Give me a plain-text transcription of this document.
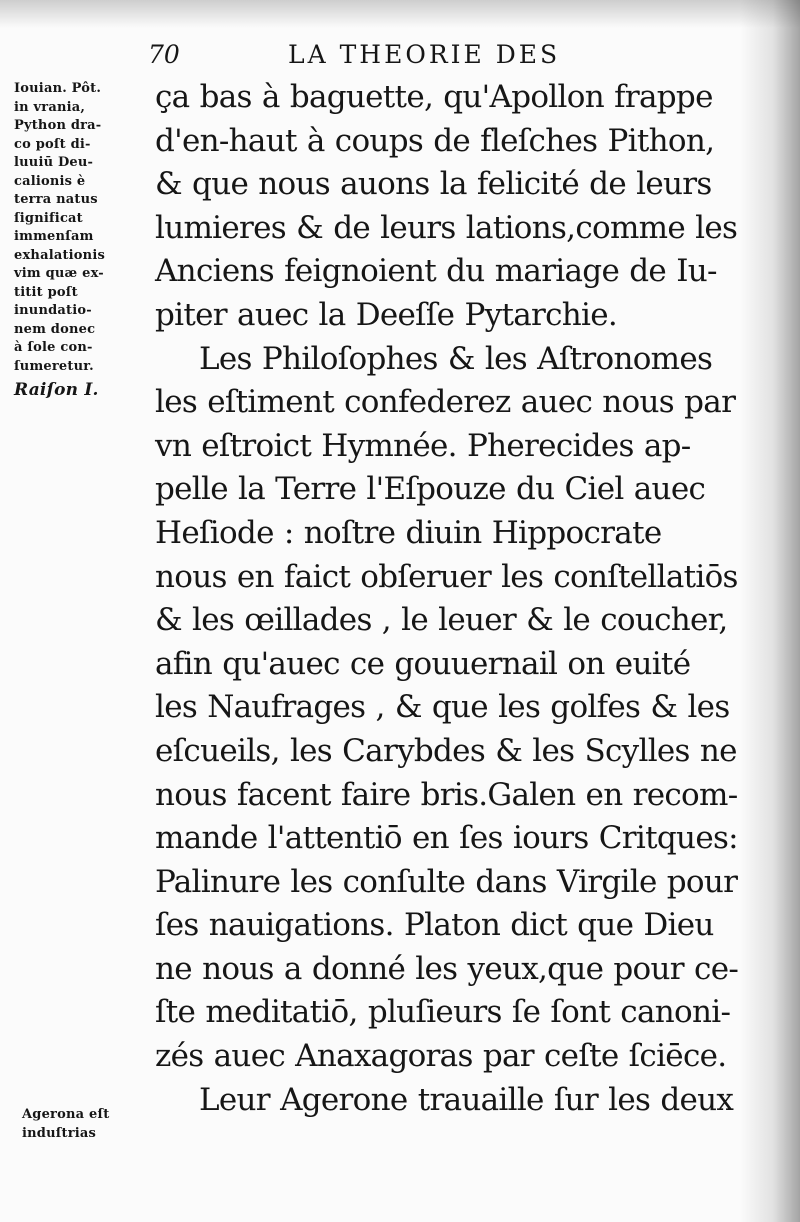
70	LA THEORIE DES
Iouian. Pôt.
in vrania,
Python dra-
co poſt di-
luuiū Deu-
calionis è
terra natus
ſignificat
immenſam
exhalationis
vim quæ ex-
titit poſt
inundatio-
nem donec
à ſole con-
ſumeretur.
Raiſon I.
Agerona eſt
induſtrias
ça bas à baguette, qu'Apollon frappe
d'en-haut à coups de fleſches Pithon,
& que nous auons la felicité de leurs
lumieres & de leurs lations,comme les
Anciens feignoient du mariage de Iu-
piter auec la Deeſſe Pytarchie.
Les Philoſophes & les Aſtronomes
les eſtiment confederez auec nous par
vn eſtroict Hymnée. Pherecides ap-
pelle la Terre l'Eſpouze du Ciel auec
Heſiode : noſtre diuin Hippocrate
nous en faict obſeruer les conſtellatiōs
& les œillades , le leuer & le coucher,
afin qu'auec ce gouuernail on euité
les Naufrages , & que les golfes & les
eſcueils, les Carybdes & les Scylles ne
nous facent faire bris.Galen en recom-
mande l'attentiō en ſes iours Critques:
Palinure les conſulte dans Virgile pour
ſes nauigations. Platon dict que Dieu
ne nous a donné les yeux,que pour ce-
ſte meditatiō, pluſieurs ſe ſont canoni-
zés auec Anaxagoras par ceſte ſciēce.
Leur Agerone trauaille ſur les deux
